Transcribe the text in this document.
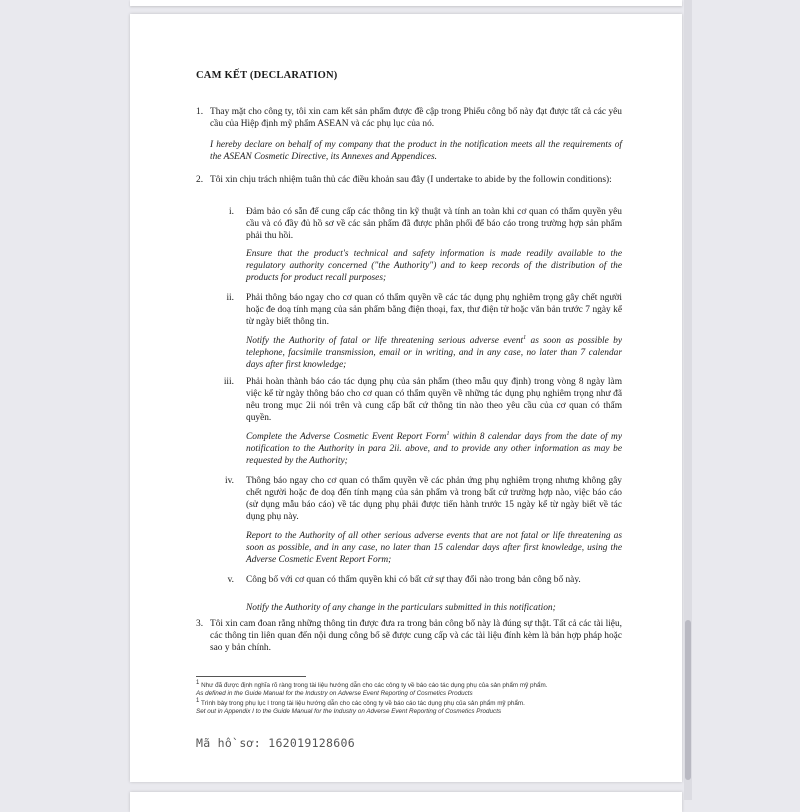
CAM KẾT (DECLARATION)
1. Thay mặt cho công ty, tôi xin cam kết sản phẩm được đề cập trong Phiếu công bố này đạt được tất cả các yêu cầu của Hiệp định mỹ phẩm ASEAN và các phụ lục của nó.
I hereby declare on behalf of my company that the product in the notification meets all the requirements of the ASEAN Cosmetic Directive, its Annexes and Appendices.
2. Tôi xin chịu trách nhiệm tuân thủ các điều khoản sau đây (I undertake to abide by the followin conditions):
i. Đảm bảo có sẵn để cung cấp các thông tin kỹ thuật và tính an toàn khi cơ quan có thẩm quyền yêu cầu và có đầy đủ hồ sơ về các sản phẩm đã được phân phối để báo cáo trong trường hợp sản phẩm phải thu hồi.
Ensure that the product's technical and safety information is made readily available to the regulatory authority concerned ("the Authority") and to keep records of the distribution of the products for product recall purposes;
ii. Phải thông báo ngay cho cơ quan có thẩm quyền về các tác dụng phụ nghiêm trọng gây chết người hoặc đe doạ tính mạng của sản phẩm bằng điện thoại, fax, thư điện tử hoặc văn bản trước 7 ngày kể từ ngày biết thông tin.
Notify the Authority of fatal or life threatening serious adverse event$^1$ as soon as possible by telephone, facsimile transmission, email or in writing, and in any case, no later than 7 calendar days after first knowledge;
iii. Phải hoàn thành báo cáo tác dụng phụ của sản phẩm (theo mẫu quy định) trong vòng 8 ngày làm việc kể từ ngày thông báo cho cơ quan có thẩm quyền về những tác dụng phụ nghiêm trọng như đã nêu trong mục 2ii nói trên và cung cấp bất cứ thông tin nào theo yêu cầu của cơ quan có thẩm quyền.
Complete the Adverse Cosmetic Event Report Form$^1$ within 8 calendar days from the date of my notification to the Authority in para 2ii. above, and to provide any other information as may be requested by the Authority;
iv. Thông báo ngay cho cơ quan có thẩm quyền về các phản ứng phụ nghiêm trọng nhưng không gây chết người hoặc đe doạ đến tính mạng của sản phẩm và trong bất cứ trường hợp nào, việc báo cáo (sử dụng mẫu báo cáo) về tác dụng phụ phải được tiến hành trước 15 ngày kể từ ngày biết về tác dụng phụ này.
Report to the Authority of all other serious adverse events that are not fatal or life threatening as soon as possible, and in any case, no later than 15 calendar days after first knowledge, using the Adverse Cosmetic Event Report Form;
v. Công bố với cơ quan có thẩm quyền khi có bất cứ sự thay đổi nào trong bản công bố này.
Notify the Authority of any change in the particulars submitted in this notification;
3. Tôi xin cam đoan rằng những thông tin được đưa ra trong bản công bố này là đúng sự thật. Tất cả các tài liệu, các thông tin liên quan đến nội dung công bố sẽ được cung cấp và các tài liệu đính kèm là bản hợp pháp hoặc sao y bản chính.
$^1$ Như đã được định nghĩa rõ ràng trong tài liệu hướng dẫn cho các công ty về báo cáo tác dụng phụ của sản phẩm mỹ phẩm.
As defined in the Guide Manual for the Industry on Adverse Event Reporting of Cosmetics Products
$^1$ Trình bày trong phụ lục I trong tài liệu hướng dẫn cho các công ty về báo cáo tác dụng phụ của sản phẩm mỹ phẩm.
Set out in Appendix I to the Guide Manual for the Industry on Adverse Event Reporting of Cosmetics Products
Mã hồ sơ: 162019128606
